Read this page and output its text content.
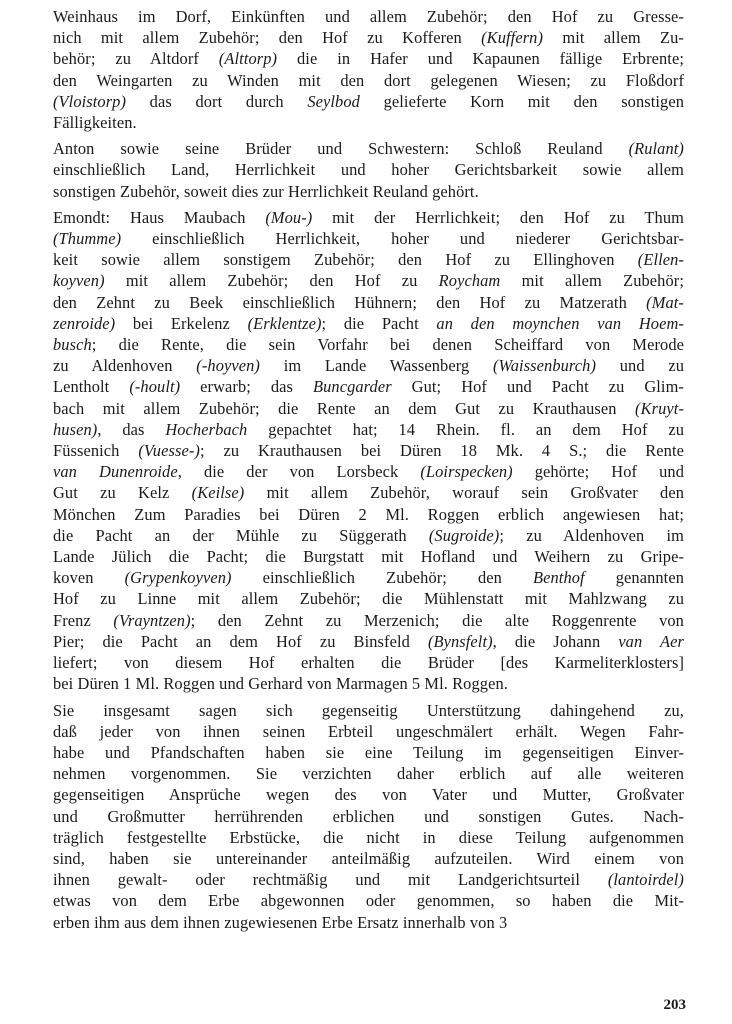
Weinhaus im Dorf, Einkünften und allem Zubehör; den Hof zu Gresse-
nich mit allem Zubehör; den Hof zu Kofferen (Kuffern) mit allem Zu-
behör; zu Altdorf (Alttorp) die in Hafer und Kapaunen fällige Erbrente;
den Weingarten zu Winden mit den dort gelegenen Wiesen; zu Floßdorf
(Vloistorp) das dort durch Seylbod gelieferte Korn mit den sonstigen
Fälligkeiten.

Anton sowie seine Brüder und Schwestern: Schloß Reuland (Rulant)
einschließlich Land, Herrlichkeit und hoher Gerichtsbarkeit sowie allem
sonstigen Zubehör, soweit dies zur Herrlichkeit Reuland gehört.

Emondt: Haus Maubach (Mou-) mit der Herrlichkeit; den Hof zu Thum
(Thumme) einschließlich Herrlichkeit, hoher und niederer Gerichtsbar-
keit sowie allem sonstigem Zubehör; den Hof zu Ellinghoven (Ellen-
koyven) mit allem Zubehör; den Hof zu Roycham mit allem Zubehör;
den Zehnt zu Beek einschließlich Hühnern; den Hof zu Matzerath (Mat-
zenroide) bei Erkelenz (Erklentze); die Pacht an den moynchen van Hoem-
busch; die Rente, die sein Vorfahr bei denen Scheiffard von Merode
zu Aldenhoven (-hoyven) im Lande Wassenberg (Waissenburch) und zu
Lentholt (-hoult) erwarb; das Buncgarder Gut; Hof und Pacht zu Glim-
bach mit allem Zubehör; die Rente an dem Gut zu Krauthausen (Kruyt-
husen), das Hocherbach gepachtet hat; 14 Rhein. fl. an dem Hof zu
Füssenich (Vuesse-); zu Krauthausen bei Düren 18 Mk. 4 S.; die Rente
van Dunenroide, die der von Lorsbeck (Loirspecken) gehörte; Hof und
Gut zu Kelz (Keilse) mit allem Zubehör, worauf sein Großvater den
Mönchen Zum Paradies bei Düren 2 Ml. Roggen erblich angewiesen hat;
die Pacht an der Mühle zu Süggerath (Sugroide); zu Aldenhoven im
Lande Jülich die Pacht; die Burgstatt mit Hofland und Weihern zu Gripe-
koven (Grypenkoyven) einschließlich Zubehör; den Benthof genannten
Hof zu Linne mit allem Zubehör; die Mühlenstatt mit Mahlzwang zu
Frenz (Vrayntzen); den Zehnt zu Merzenich; die alte Roggenrente von
Pier; die Pacht an dem Hof zu Binsfeld (Bynsfelt), die Johann van Aer
liefert; von diesem Hof erhalten die Brüder [des Karmeliterklosters]
bei Düren 1 Ml. Roggen und Gerhard von Marmagen 5 Ml. Roggen.

Sie insgesamt sagen sich gegenseitig Unterstützung dahingehend zu,
daß jeder von ihnen seinen Erbteil ungeschmälert erhält. Wegen Fahr-
habe und Pfandschaften haben sie eine Teilung im gegenseitigen Einver-
nehmen vorgenommen. Sie verzichten daher erblich auf alle weiteren
gegenseitigen Ansprüche wegen des von Vater und Mutter, Großvater
und Großmutter herrührenden erblichen und sonstigen Gutes. Nach-
träglich festgestellte Erbstücke, die nicht in diese Teilung aufgenommen
sind, haben sie untereinander anteilmäßig aufzuteilen. Wird einem von
ihnen gewalt- oder rechtmäßig und mit Landgerichtsurteil (lantoirdel)
etwas von dem Erbe abgewonnen oder genommen, so haben die Mit-
erben ihm aus dem ihnen zugewiesenen Erbe Ersatz innerhalb von 3

203
